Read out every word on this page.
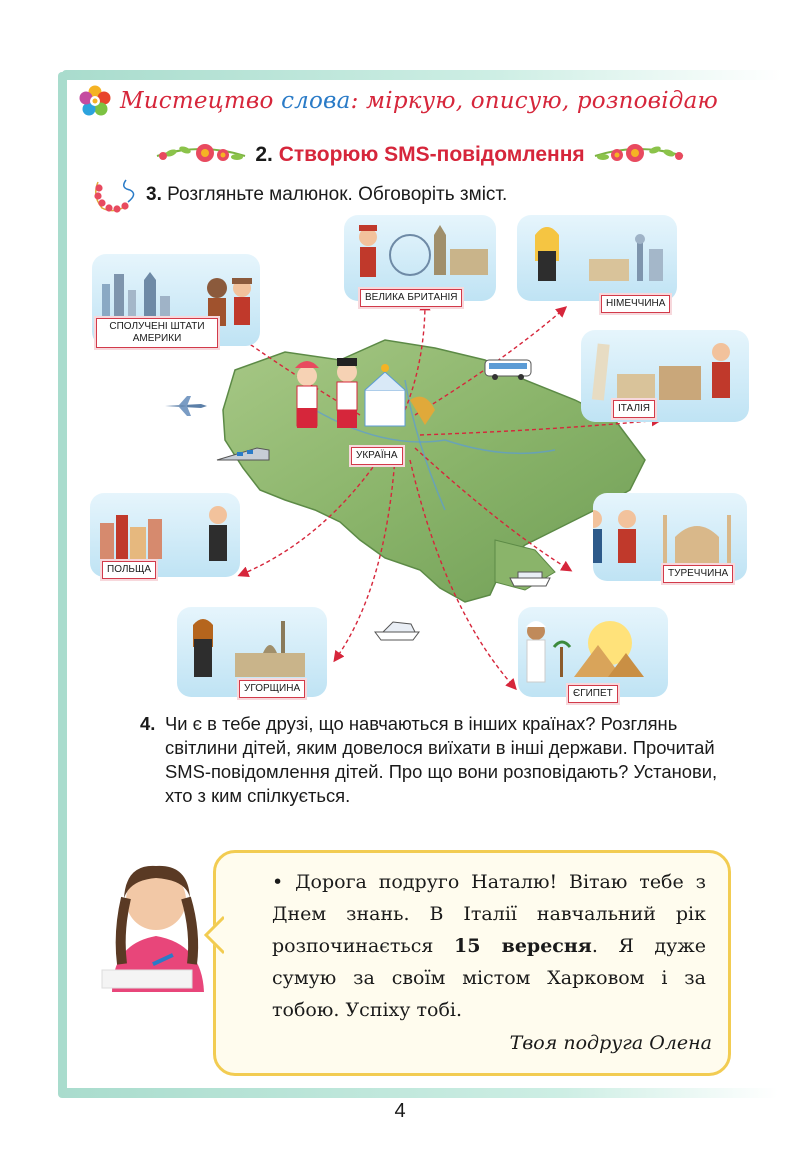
Мистецтво слова: міркую, описую, розповідаю
2. Створюю SMS-повідомлення
3. Розгляньте малюнок. Обговоріть зміст.
СПОЛУЧЕНІ ШТАТИ АМЕРИКИ
ВЕЛИКА БРИТАНІЯ
НІМЕЧЧИНА
ІТАЛІЯ
ПОЛЬЩА	ТУРЕЧЧИНА
УГОРЩИНА	ЄГИПЕТ
УКРАЇНА
4. Чи є в тебе друзі, що навчаються в інших країнах? Розглянь світлини дітей, яким довелося виїхати в інші держави. Прочитай SMS-повідомлення дітей. Про що вони розповідають? Установи, хто з ким спілкується.
• Дорога подруго Наталю! Вітаю тебе з Днем знань. В Італії навчальний рік розпочинається 15 вересня. Я дуже сумую за своїм містом Харковом і за тобою. Успіху тобі.
Твоя подруга Олена
4
